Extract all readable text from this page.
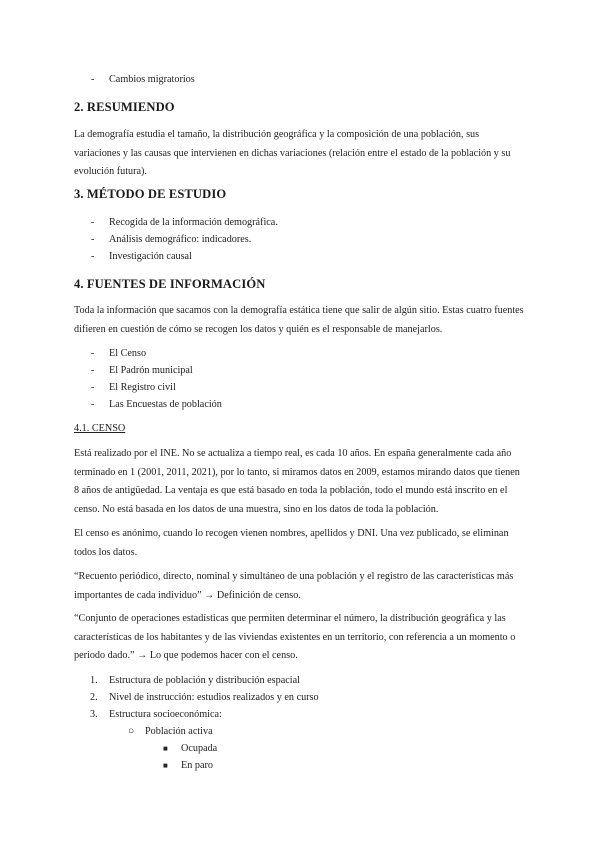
- Cambios migratorios
2. RESUMIENDO

La demografía estudia el tamaño, la distribución geográfica y la composición de una población, sus variaciones y las causas que intervienen en dichas variaciones (relación entre el estado de la población y su evolución futura).

3. MÉTODO DE ESTUDIO
- Recogida de la información demográfica.
- Análisis demográfico: indicadores.
- Investigación causal
4. FUENTES DE INFORMACIÓN

Toda la información que sacamos con la demografía estática tiene que salir de algún sitio. Estas cuatro fuentes difieren en cuestión de cómo se recogen los datos y quién es el responsable de manejarlos.

- El Censo
- El Padrón municipal
- El Registro civil
- Las Encuestas de población

4.1. CENSO

Está realizado por el INE. No se actualiza a tiempo real, es cada 10 años. En españa generalmente cada año terminado en 1 (2001, 2011, 2021), por lo tanto, si miramos datos en 2009, estamos mirando datos que tienen 8 años de antigüedad. La ventaja es que está basado en toda la población, todo el mundo está inscrito en el censo. No está basada en los datos de una muestra, sino en los datos de toda la población.

El censo es anónimo, cuando lo recogen vienen nombres, apellidos y DNI. Una vez publicado, se eliminan todos los datos.

“Recuento periódico, directo, nominal y simultáneo de una población y el registro de las características más importantes de cada individuo” → Definición de censo.

“Conjunto de operaciones estadísticas que permiten determinar el número, la distribución geográfica y las características de los habitantes y de las viviendas existentes en un territorio, con referencia a un momento o periodo dado.” → Lo que podemos hacer con el censo.

1. Estructura de población y distribución espacial
2. Nivel de instrucción: estudios realizados y en curso
3. Estructura socioeconómica:
○ Población activa
■ Ocupada
■ En paro
